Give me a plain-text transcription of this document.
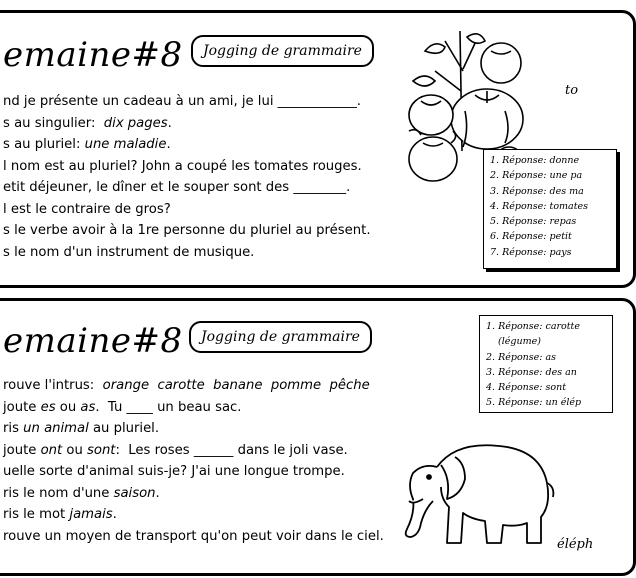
emaine#8	Jogging de grammaire
nd je présente un cadeau à un ami, je lui ____________.
s au singulier:  dix pages.
s au pluriel: une maladie.
l nom est au pluriel? John a coupé les tomates rouges.
etit déjeuner, le dîner et le souper sont des ________.
l est le contraire de gros?
s le verbe avoir à la 1re personne du pluriel au présent.
s le nom d'un instrument de musique.
to
1. Réponse: donne
2. Réponse: une pa
3. Réponse: des ma
4. Réponse: tomates
5. Réponse: repas
6. Réponse: petit
7. Réponse: pays
emaine#8	Jogging de grammaire
rouve l'intrus:  orange  carotte  banane  pomme  pêche
joute es ou as.  Tu ____ un beau sac.
ris un animal au pluriel.
joute ont ou sont:  Les roses ______ dans le joli vase.
uelle sorte d'animal suis-je? J'ai une longue trompe.
ris le nom d'une saison.
ris le mot jamais.
rouve un moyen de transport qu'on peut voir dans le ciel.
1. Réponse: carotte
(légume)
2. Réponse: as
3. Réponse: des an
4. Réponse: sont
5. Réponse: un élép
éléph
